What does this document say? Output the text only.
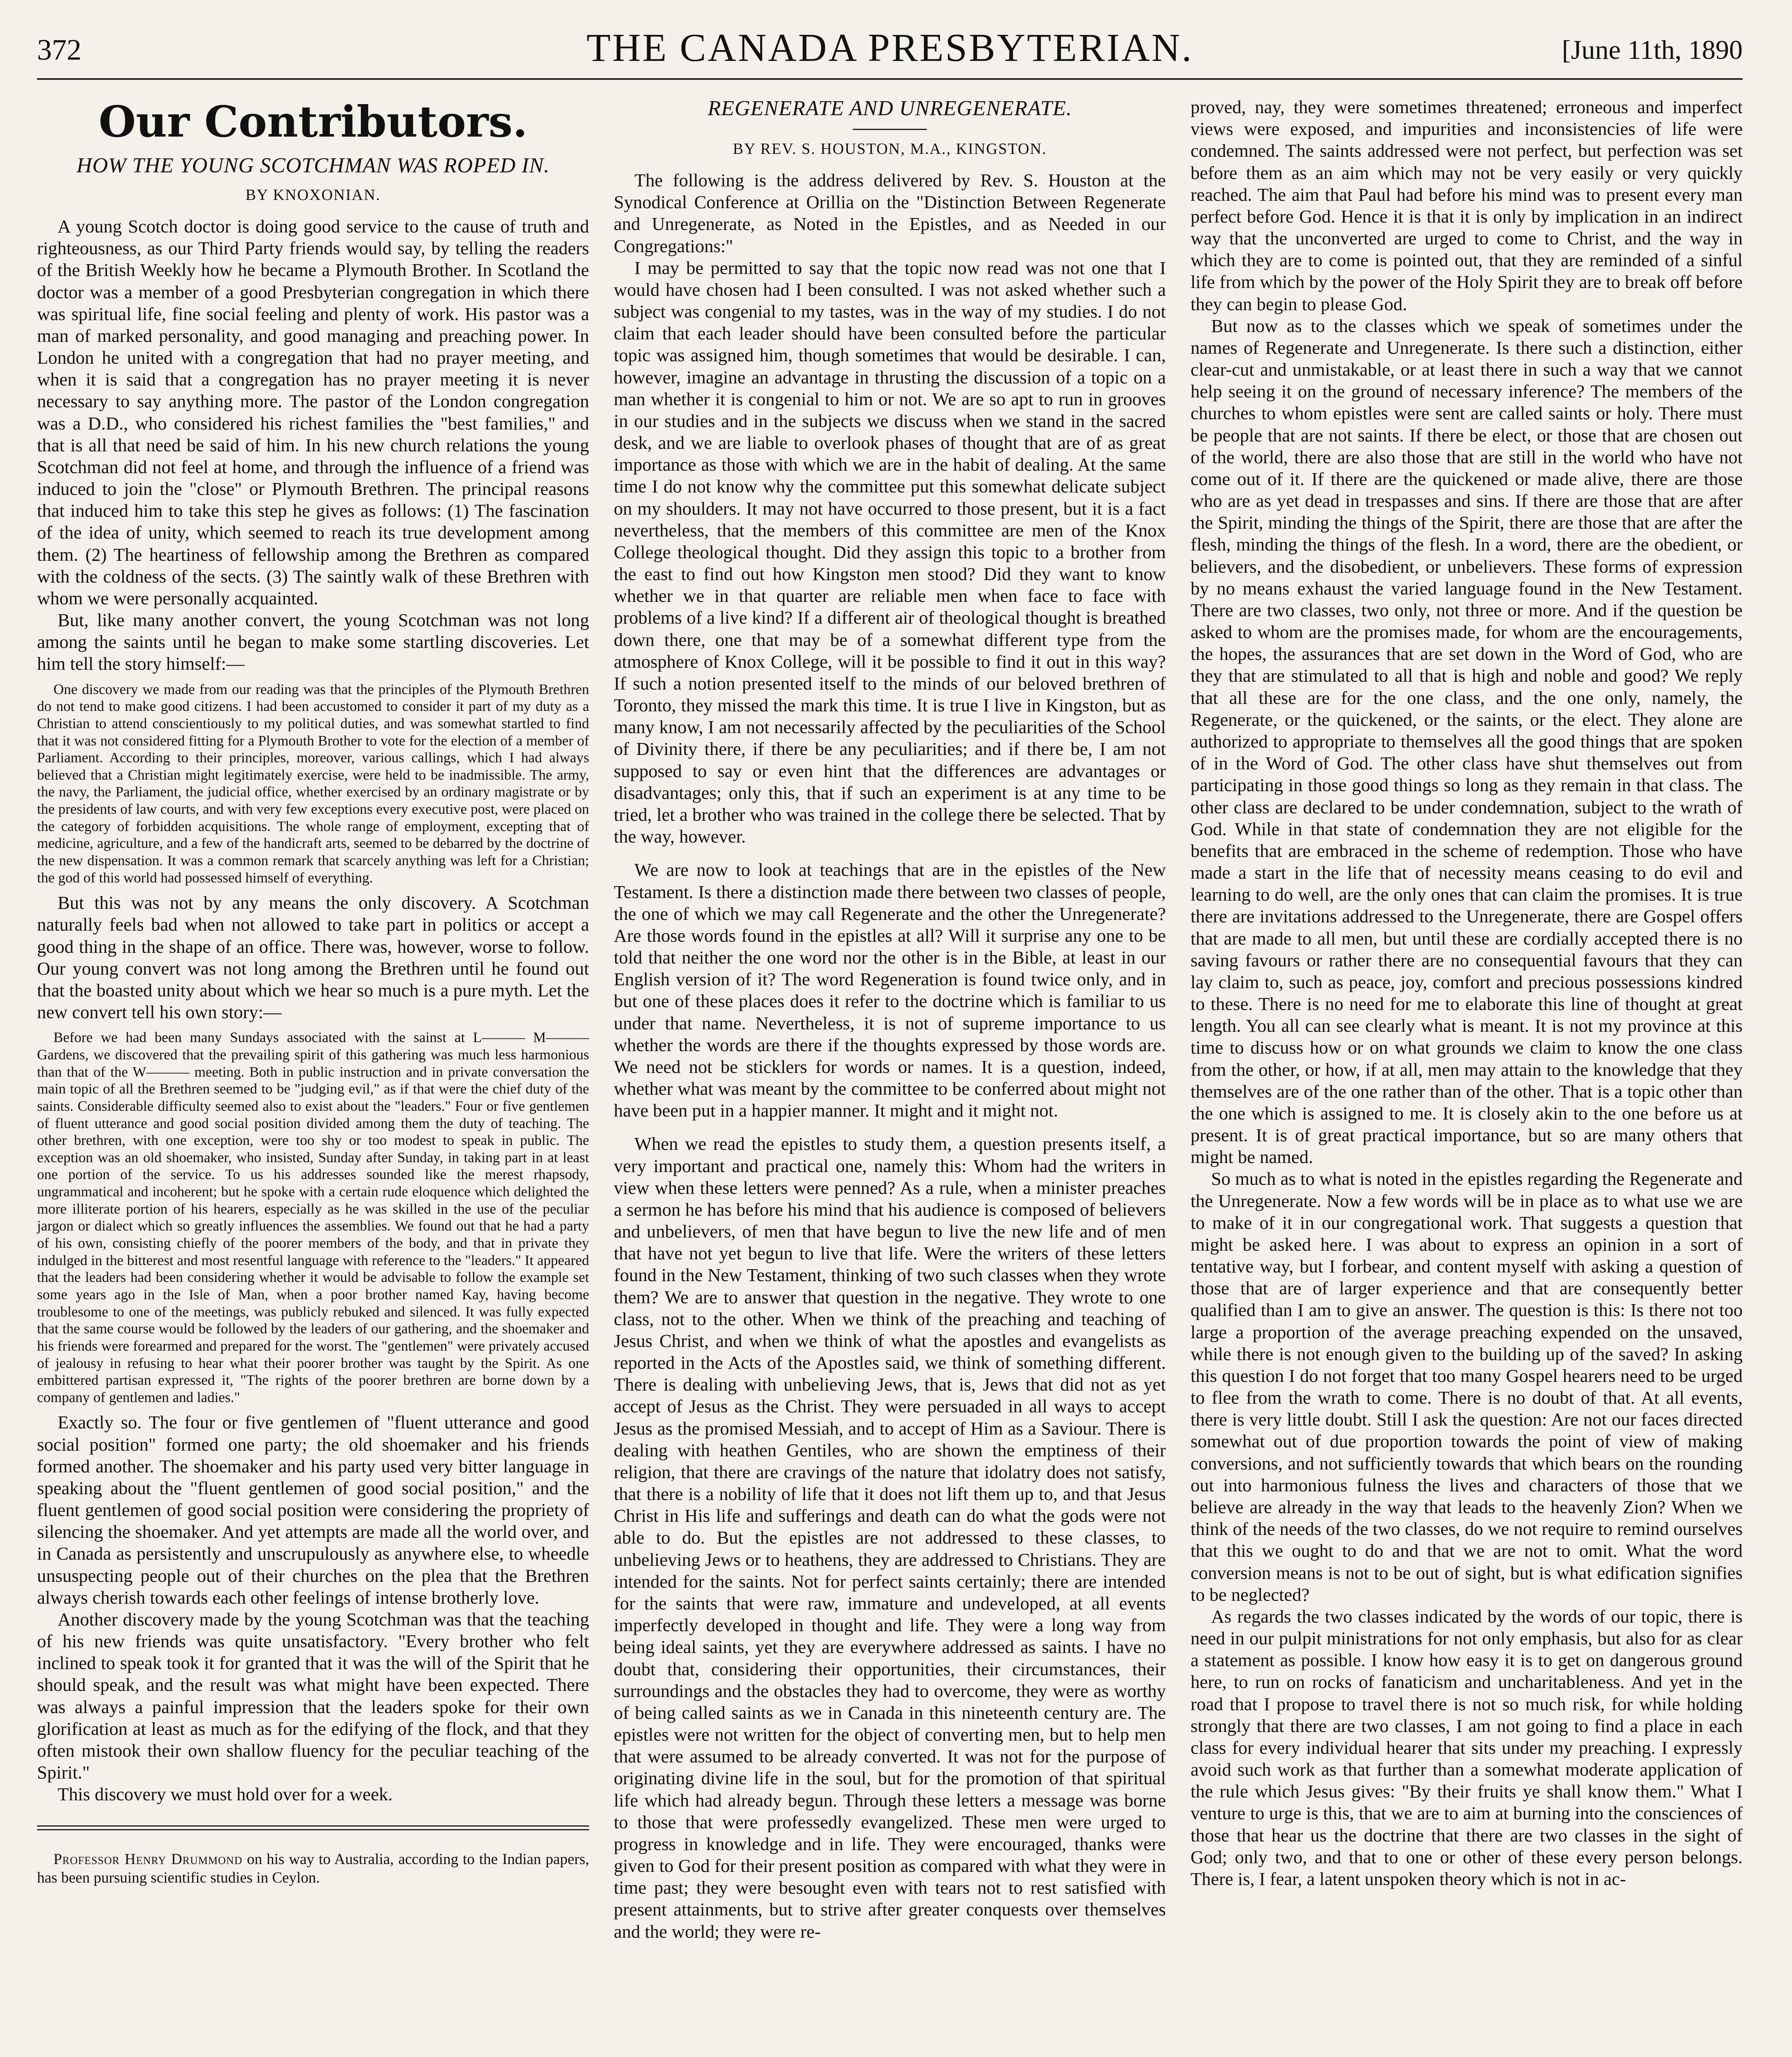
372	THE CANADA PRESBYTERIAN.	[June 11th, 1890
Our Contributors.
HOW THE YOUNG SCOTCHMAN WAS ROPED IN.
BY KNOXONIAN.

A young Scotch doctor is doing good service to the cause of truth and righteousness, as our Third Party friends would say, by telling the readers of the British Weekly how he became a Plymouth Brother. In Scotland the doctor was a member of a good Presbyterian congregation in which there was spiritual life, fine social feeling and plenty of work. His pastor was a man of marked personality, and good managing and preaching power. In London he united with a congregation that had no prayer meeting, and when it is said that a congregation has no prayer meeting it is never necessary to say anything more. The pastor of the London congregation was a D.D., who considered his richest families the "best families," and that is all that need be said of him. In his new church relations the young Scotchman did not feel at home, and through the influence of a friend was induced to join the "close" or Plymouth Brethren. The principal reasons that induced him to take this step he gives as follows: (1) The fascination of the idea of unity, which seemed to reach its true development among them. (2) The heartiness of fellowship among the Brethren as compared with the coldness of the sects. (3) The saintly walk of these Brethren with whom we were personally acquainted.

But, like many another convert, the young Scotchman was not long among the saints until he began to make some startling discoveries. Let him tell the story himself:—

One discovery we made from our reading was that the principles of the Plymouth Brethren do not tend to make good citizens. I had been accustomed to consider it part of my duty as a Christian to attend conscientiously to my political duties, and was somewhat startled to find that it was not considered fitting for a Plymouth Brother to vote for the election of a member of Parliament. According to their principles, moreover, various callings, which I had always believed that a Christian might legitimately exercise, were held to be inadmissible. The army, the navy, the Parliament, the judicial office, whether exercised by an ordinary magistrate or by the presidents of law courts, and with very few exceptions every executive post, were placed on the category of forbidden acquisitions. The whole range of employment, excepting that of medicine, agriculture, and a few of the handicraft arts, seemed to be debarred by the doctrine of the new dispensation. It was a common remark that scarcely anything was left for a Christian; the god of this world had possessed himself of everything.

But this was not by any means the only discovery. A Scotchman naturally feels bad when not allowed to take part in politics or accept a good thing in the shape of an office. There was, however, worse to follow. Our young convert was not long among the Brethren until he found out that the boasted unity about which we hear so much is a pure myth. Let the new convert tell his own story:—

Before we had been many Sundays associated with the sainst at L——— M——— Gardens, we discovered that the prevailing spirit of this gathering was much less harmonious than that of the W——— meeting. Both in public instruction and in private conversation the main topic of all the Brethren seemed to be "judging evil," as if that were the chief duty of the saints. Considerable difficulty seemed also to exist about the "leaders." Four or five gentlemen of fluent utterance and good social position divided among them the duty of teaching. The other brethren, with one exception, were too shy or too modest to speak in public. The exception was an old shoemaker, who insisted, Sunday after Sunday, in taking part in at least one portion of the service. To us his addresses sounded like the merest rhapsody, ungrammatical and incoherent; but he spoke with a certain rude eloquence which delighted the more illiterate portion of his hearers, especially as he was skilled in the use of the peculiar jargon or dialect which so greatly influences the assemblies. We found out that he had a party of his own, consisting chiefly of the poorer members of the body, and that in private they indulged in the bitterest and most resentful language with reference to the "leaders." It appeared that the leaders had been considering whether it would be advisable to follow the example set some years ago in the Isle of Man, when a poor brother named Kay, having become troublesome to one of the meetings, was publicly rebuked and silenced. It was fully expected that the same course would be followed by the leaders of our gathering, and the shoemaker and his friends were forearmed and prepared for the worst. The "gentlemen" were privately accused of jealousy in refusing to hear what their poorer brother was taught by the Spirit. As one embittered partisan expressed it, "The rights of the poorer brethren are borne down by a company of gentlemen and ladies."

Exactly so. The four or five gentlemen of "fluent utterance and good social position" formed one party; the old shoemaker and his friends formed another. The shoemaker and his party used very bitter language in speaking about the "fluent gentlemen of good social position," and the fluent gentlemen of good social position were considering the propriety of silencing the shoemaker. And yet attempts are made all the world over, and in Canada as persistently and unscrupulously as anywhere else, to wheedle unsuspecting people out of their churches on the plea that the Brethren always cherish towards each other feelings of intense brotherly love.

Another discovery made by the young Scotchman was that the teaching of his new friends was quite unsatisfactory. "Every brother who felt inclined to speak took it for granted that it was the will of the Spirit that he should speak, and the result was what might have been expected. There was always a painful impression that the leaders spoke for their own glorification at least as much as for the edifying of the flock, and that they often mistook their own shallow fluency for the peculiar teaching of the Spirit."

This discovery we must hold over for a week.

Professor Henry Drummond on his way to Australia, according to the Indian papers, has been pursuing scientific studies in Ceylon.

REGENERATE AND UNREGENERATE.
BY REV. S. HOUSTON, M.A., KINGSTON.

The following is the address delivered by Rev. S. Houston at the Synodical Conference at Orillia on the "Distinction Between Regenerate and Unregenerate, as Noted in the Epistles, and as Needed in our Congregations:"

I may be permitted to say that the topic now read was not one that I would have chosen had I been consulted. I was not asked whether such a subject was congenial to my tastes, was in the way of my studies. I do not claim that each leader should have been consulted before the particular topic was assigned him, though sometimes that would be desirable. I can, however, imagine an advantage in thrusting the discussion of a topic on a man whether it is congenial to him or not. We are so apt to run in grooves in our studies and in the subjects we discuss when we stand in the sacred desk, and we are liable to overlook phases of thought that are of as great importance as those with which we are in the habit of dealing. At the same time I do not know why the committee put this somewhat delicate subject on my shoulders. It may not have occurred to those present, but it is a fact nevertheless, that the members of this committee are men of the Knox College theological thought. Did they assign this topic to a brother from the east to find out how Kingston men stood? Did they want to know whether we in that quarter are reliable men when face to face with problems of a live kind? If a different air of theological thought is breathed down there, one that may be of a somewhat different type from the atmosphere of Knox College, will it be possible to find it out in this way? If such a notion presented itself to the minds of our beloved brethren of Toronto, they missed the mark this time. It is true I live in Kingston, but as many know, I am not necessarily affected by the peculiarities of the School of Divinity there, if there be any peculiarities; and if there be, I am not supposed to say or even hint that the differences are advantages or disadvantages; only this, that if such an experiment is at any time to be tried, let a brother who was trained in the college there be selected. That by the way, however.

We are now to look at teachings that are in the epistles of the New Testament. Is there a distinction made there between two classes of people, the one of which we may call Regenerate and the other the Unregenerate? Are those words found in the epistles at all? Will it surprise any one to be told that neither the one word nor the other is in the Bible, at least in our English version of it? The word Regeneration is found twice only, and in but one of these places does it refer to the doctrine which is familiar to us under that name. Nevertheless, it is not of supreme importance to us whether the words are there if the thoughts expressed by those words are. We need not be sticklers for words or names. It is a question, indeed, whether what was meant by the committee to be conferred about might not have been put in a happier manner. It might and it might not.

When we read the epistles to study them, a question presents itself, a very important and practical one, namely this: Whom had the writers in view when these letters were penned? As a rule, when a minister preaches a sermon he has before his mind that his audience is composed of believers and unbelievers, of men that have begun to live the new life and of men that have not yet begun to live that life. Were the writers of these letters found in the New Testament, thinking of two such classes when they wrote them? We are to answer that question in the negative. They wrote to one class, not to the other. When we think of the preaching and teaching of Jesus Christ, and when we think of what the apostles and evangelists as reported in the Acts of the Apostles said, we think of something different. There is dealing with unbelieving Jews, that is, Jews that did not as yet accept of Jesus as the Christ. They were persuaded in all ways to accept Jesus as the promised Messiah, and to accept of Him as a Saviour. There is dealing with heathen Gentiles, who are shown the emptiness of their religion, that there are cravings of the nature that idolatry does not satisfy, that there is a nobility of life that it does not lift them up to, and that Jesus Christ in His life and sufferings and death can do what the gods were not able to do. But the epistles are not addressed to these classes, to unbelieving Jews or to heathens, they are addressed to Christians. They are intended for the saints. Not for perfect saints certainly; there are intended for the saints that were raw, immature and undeveloped, at all events imperfectly developed in thought and life. They were a long way from being ideal saints, yet they are everywhere addressed as saints. I have no doubt that, considering their opportunities, their circumstances, their surroundings and the obstacles they had to overcome, they were as worthy of being called saints as we in Canada in this nineteenth century are. The epistles were not written for the object of converting men, but to help men that were assumed to be already converted. It was not for the purpose of originating divine life in the soul, but for the promotion of that spiritual life which had already begun. Through these letters a message was borne to those that were professedly evangelized. These men were urged to progress in knowledge and in life. They were encouraged, thanks were given to God for their present position as compared with what they were in time past; they were besought even with tears not to rest satisfied with present attainments, but to strive after greater conquests over themselves and the world; they were re-

proved, nay, they were sometimes threatened; erroneous and imperfect views were exposed, and impurities and inconsistencies of life were condemned. The saints addressed were not perfect, but perfection was set before them as an aim which may not be very easily or very quickly reached. The aim that Paul had before his mind was to present every man perfect before God. Hence it is that it is only by implication in an indirect way that the unconverted are urged to come to Christ, and the way in which they are to come is pointed out, that they are reminded of a sinful life from which by the power of the Holy Spirit they are to break off before they can begin to please God.

But now as to the classes which we speak of sometimes under the names of Regenerate and Unregenerate. Is there such a distinction, either clear-cut and unmistakable, or at least there in such a way that we cannot help seeing it on the ground of necessary inference? The members of the churches to whom epistles were sent are called saints or holy. There must be people that are not saints. If there be elect, or those that are chosen out of the world, there are also those that are still in the world who have not come out of it. If there are the quickened or made alive, there are those who are as yet dead in trespasses and sins. If there are those that are after the Spirit, minding the things of the Spirit, there are those that are after the flesh, minding the things of the flesh. In a word, there are the obedient, or believers, and the disobedient, or unbelievers. These forms of expression by no means exhaust the varied language found in the New Testament. There are two classes, two only, not three or more. And if the question be asked to whom are the promises made, for whom are the encouragements, the hopes, the assurances that are set down in the Word of God, who are they that are stimulated to all that is high and noble and good? We reply that all these are for the one class, and the one only, namely, the Regenerate, or the quickened, or the saints, or the elect. They alone are authorized to appropriate to themselves all the good things that are spoken of in the Word of God. The other class have shut themselves out from participating in those good things so long as they remain in that class. The other class are declared to be under condemnation, subject to the wrath of God. While in that state of condemnation they are not eligible for the benefits that are embraced in the scheme of redemption. Those who have made a start in the life that of necessity means ceasing to do evil and learning to do well, are the only ones that can claim the promises. It is true there are invitations addressed to the Unregenerate, there are Gospel offers that are made to all men, but until these are cordially accepted there is no saving favours or rather there are no consequential favours that they can lay claim to, such as peace, joy, comfort and precious possessions kindred to these. There is no need for me to elaborate this line of thought at great length. You all can see clearly what is meant. It is not my province at this time to discuss how or on what grounds we claim to know the one class from the other, or how, if at all, men may attain to the knowledge that they themselves are of the one rather than of the other. That is a topic other than the one which is assigned to me. It is closely akin to the one before us at present. It is of great practical importance, but so are many others that might be named.

So much as to what is noted in the epistles regarding the Regenerate and the Unregenerate. Now a few words will be in place as to what use we are to make of it in our congregational work. That suggests a question that might be asked here. I was about to express an opinion in a sort of tentative way, but I forbear, and content myself with asking a question of those that are of larger experience and that are consequently better qualified than I am to give an answer. The question is this: Is there not too large a proportion of the average preaching expended on the unsaved, while there is not enough given to the building up of the saved? In asking this question I do not forget that too many Gospel hearers need to be urged to flee from the wrath to come. There is no doubt of that. At all events, there is very little doubt. Still I ask the question: Are not our faces directed somewhat out of due proportion towards the point of view of making conversions, and not sufficiently towards that which bears on the rounding out into harmonious fulness the lives and characters of those that we believe are already in the way that leads to the heavenly Zion? When we think of the needs of the two classes, do we not require to remind ourselves that this we ought to do and that we are not to omit. What the word conversion means is not to be out of sight, but is what edification signifies to be neglected?

As regards the two classes indicated by the words of our topic, there is need in our pulpit ministrations for not only emphasis, but also for as clear a statement as possible. I know how easy it is to get on dangerous ground here, to run on rocks of fanaticism and uncharitableness. And yet in the road that I propose to travel there is not so much risk, for while holding strongly that there are two classes, I am not going to find a place in each class for every individual hearer that sits under my preaching. I expressly avoid such work as that further than a somewhat moderate application of the rule which Jesus gives: "By their fruits ye shall know them." What I venture to urge is this, that we are to aim at burning into the consciences of those that hear us the doctrine that there are two classes in the sight of God; only two, and that to one or other of these every person belongs. There is, I fear, a latent unspoken theory which is not in ac-
